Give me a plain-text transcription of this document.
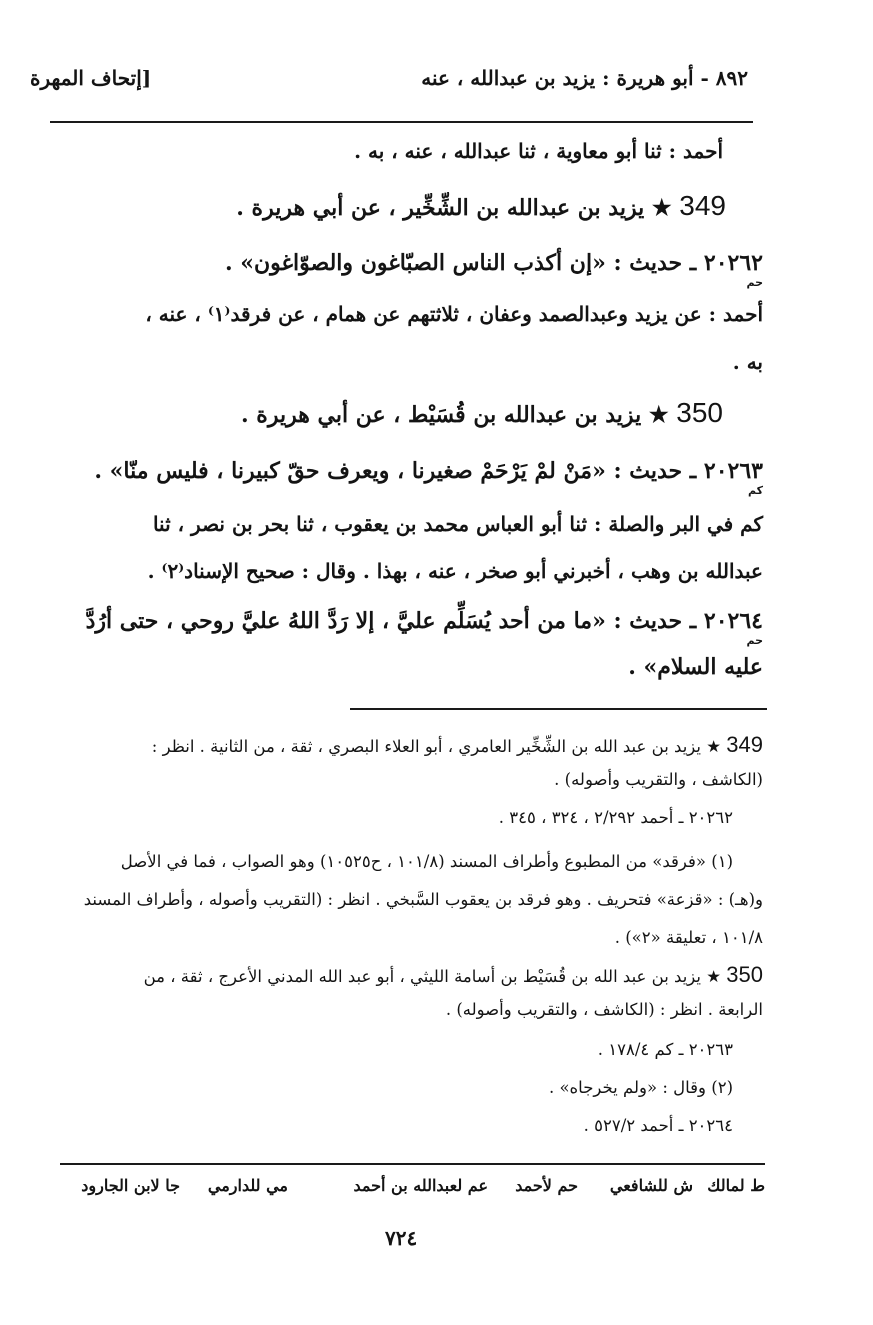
٨٩٢ - أبو هريرة : يزيد بن عبدالله ، عنه
[إتحاف المهرة
أحمد : ثنا أبو معاوية ، ثنا عبدالله ، عنه ، به .
349 ★ يزيد بن عبدالله بن الشِّخِّير ، عن أبي هريرة .
٢٠٢٦٢ ـ حديث : «إن أكذب الناس الصبّاغون والصوّاغون» .
حم
أحمد : عن يزيد وعبدالصمد وعفان ، ثلاثتهم عن همام ، عن فرقد⁽١⁾ ، عنه ،
به .
350 ★ يزيد بن عبدالله بن قُسَيْط ، عن أبي هريرة .
٢٠٢٦٣ ـ حديث : «مَنْ لمْ يَرْحَمْ صغيرنا ، ويعرف حقّ كبيرنا ، فليس منّا» .
كم
كم في البر والصلة : ثنا أبو العباس محمد بن يعقوب ، ثنا بحر بن نصر ، ثنا
عبدالله بن وهب ، أخبرني أبو صخر ، عنه ، بهذا . وقال : صحيح الإسناد⁽٢⁾ .
٢٠٢٦٤ ـ حديث : «ما من أحد يُسَلِّم عليَّ ، إلا رَدَّ اللهُ عليَّ روحي ، حتى أرُدَّ
حم
عليه السلام» .
349 ★ يزيد بن عبد الله بن الشِّخِّير العامري ، أبو العلاء البصري ، ثقة ، من الثانية . انظر :
(الكاشف ، والتقريب وأصوله) .
٢٠٢٦٢ ـ أحمد ٢/٢٩٢ ، ٣٢٤ ، ٣٤٥ .
(١) «فرقد» من المطبوع وأطراف المسند (١٠١/٨ ، ح١٠٥٢٥) وهو الصواب ، فما في الأصل
و(هـ) : «قزعة» فتحريف . وهو فرقد بن يعقوب السَّبخي . انظر : (التقريب وأصوله ، وأطراف المسند
١٠١/٨ ، تعليقة «٢») .
350 ★ يزيد بن عبد الله بن قُسَيْط بن أسامة الليثي ، أبو عبد الله المدني الأعرج ، ثقة ، من
الرابعة . انظر : (الكاشف ، والتقريب وأصوله) .
٢٠٢٦٣ ـ كم ١٧٨/٤ .
(٢) وقال : «ولم يخرجاه» .
٢٠٢٦٤ ـ أحمد ٥٢٧/٢ .
ط لمالك
ش للشافعي
حم لأحمد
عم لعبدالله بن أحمد
مي للدارمي
جا لابن الجارود
٧٢٤
